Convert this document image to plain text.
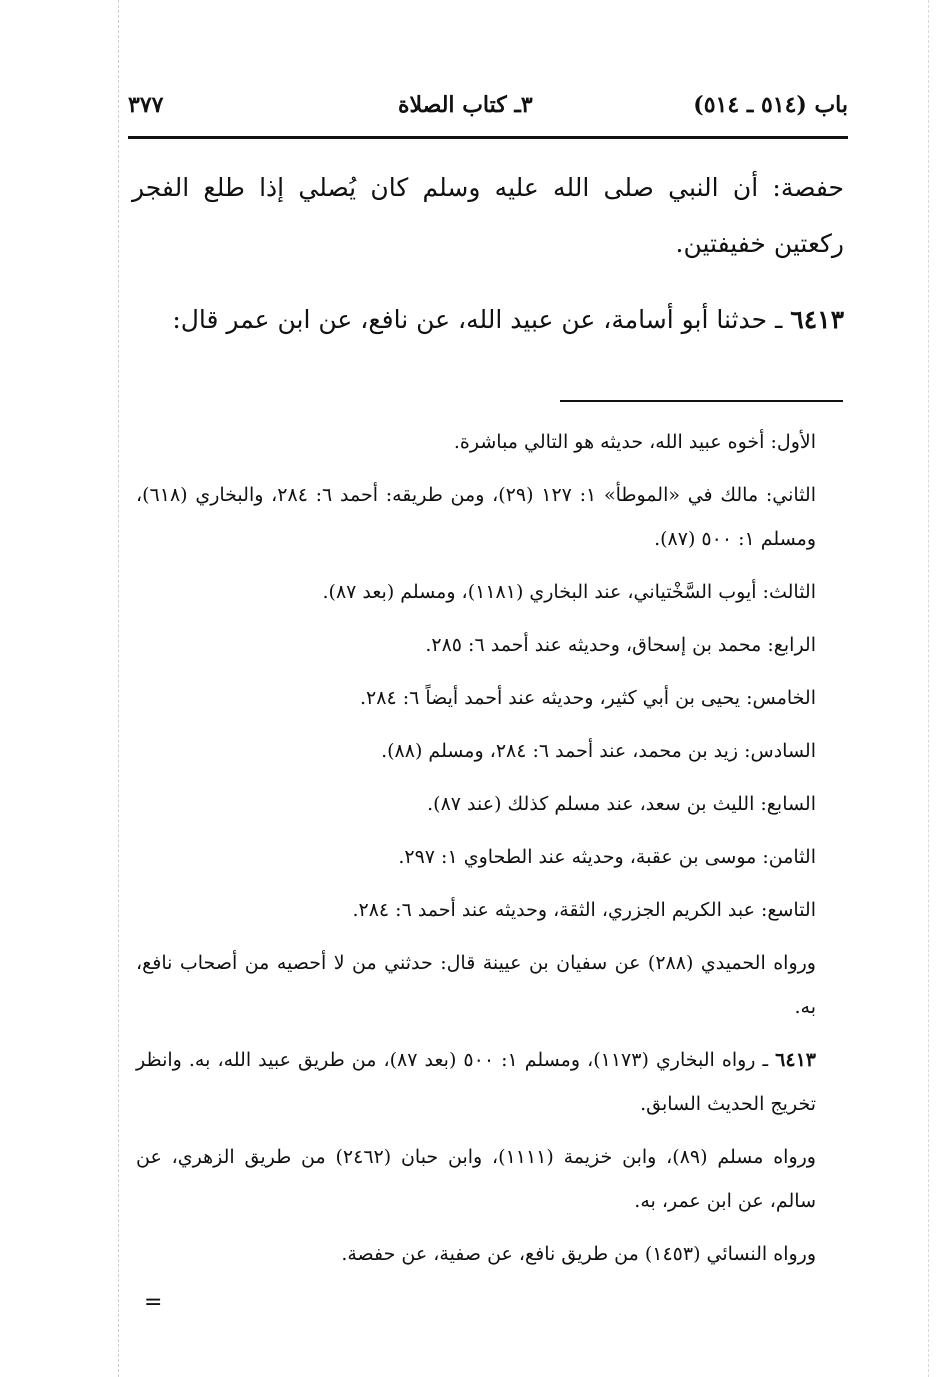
باب (٥١٤ ـ ٥١٤)
٣ـ كتاب الصلاة
٣٧٧

حفصة: أن النبي صلى الله عليه وسلم كان يُصلي إذا طلع الفجر ركعتين خفيفتين.

٦٤١٣ ـ حدثنا أبو أسامة، عن عبيد الله، عن نافع، عن ابن عمر قال:

الأول: أخوه عبيد الله، حديثه هو التالي مباشرة.

الثاني: مالك في «الموطأ» ١: ١٢٧ (٢٩)، ومن طريقه: أحمد ٦: ٢٨٤، والبخاري (٦١٨)، ومسلم ١: ٥٠٠ (٨٧).

الثالث: أيوب السَّخْتياني، عند البخاري (١١٨١)، ومسلم (بعد ٨٧).

الرابع: محمد بن إسحاق، وحديثه عند أحمد ٦: ٢٨٥.

الخامس: يحيى بن أبي كثير، وحديثه عند أحمد أيضاً ٦: ٢٨٤.

السادس: زيد بن محمد، عند أحمد ٦: ٢٨٤، ومسلم (٨٨).

السابع: الليث بن سعد، عند مسلم كذلك (عند ٨٧).

الثامن: موسى بن عقبة، وحديثه عند الطحاوي ١: ٢٩٧.

التاسع: عبد الكريم الجزري، الثقة، وحديثه عند أحمد ٦: ٢٨٤.

ورواه الحميدي (٢٨٨) عن سفيان بن عيينة قال: حدثني من لا أحصيه من أصحاب نافع، به.

٦٤١٣ ـ رواه البخاري (١١٧٣)، ومسلم ١: ٥٠٠ (بعد ٨٧)، من طريق عبيد الله، به. وانظر تخريج الحديث السابق.

ورواه مسلم (٨٩)، وابن خزيمة (١١١١)، وابن حبان (٢٤٦٢) من طريق الزهري، عن سالم، عن ابن عمر، به.

ورواه النسائي (١٤٥٣) من طريق نافع، عن صفية، عن حفصة.

=
